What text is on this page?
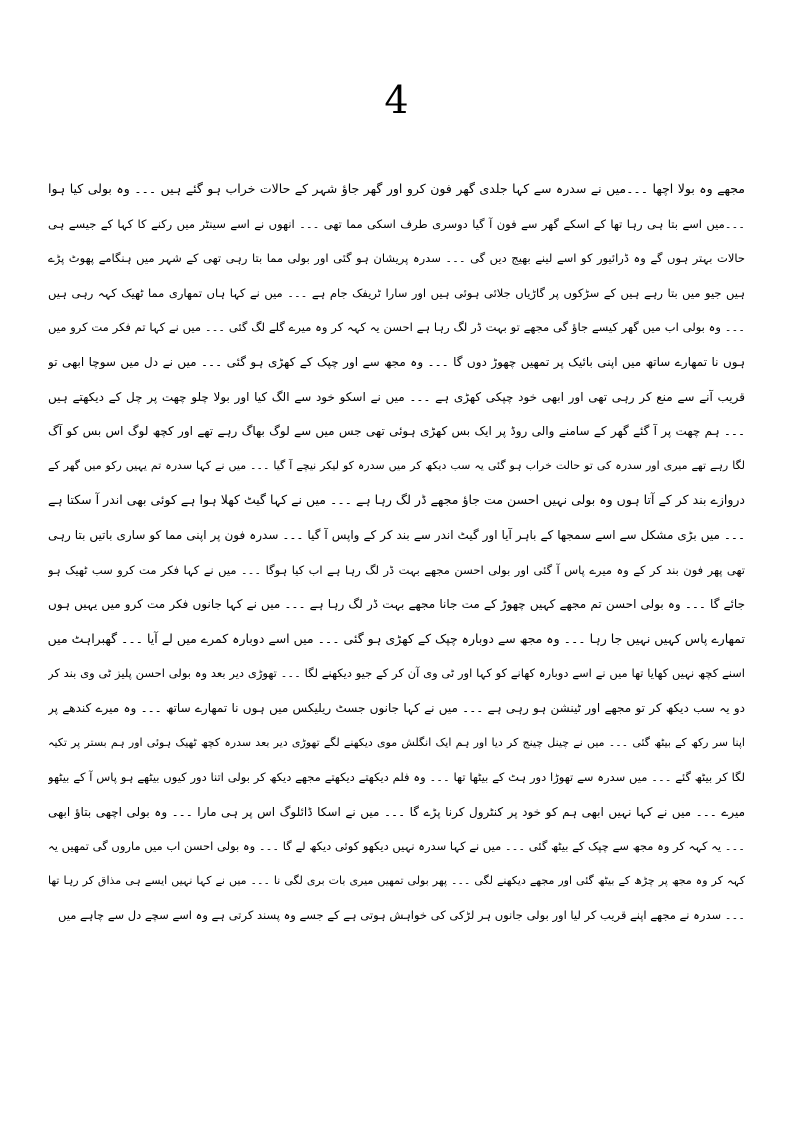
4
مجھے وہ بولا اچھا ۔۔۔میں نے سدرہ سے کہا جلدی گھر فون کرو اور گھر جاؤ شہر کے حالات خراب ہو گئے ہیں ۔۔۔ وہ بولی کیا ہوا
۔۔۔میں اسے بتا ہی رہا تھا کے اسکے گھر سے فون آ گیا دوسری طرف اسکی مما تھی ۔۔۔ انھوں نے اسے سینٹر میں رکنے کا کہا کے جیسے ہی
حالات بہتر ہوں گے وہ ڈرائیور کو اسے لینے بھیج دیں گی ۔۔۔ سدرہ پریشان ہو گئی اور بولی مما بتا رہی تھی کے شہر میں ہنگامے پھوٹ پڑے
ہیں جیو میں بتا رہے ہیں کے سڑکوں پر گاڑیاں جلائی ہوئی ہیں اور سارا ٹریفک جام ہے ۔۔۔ میں نے کہا ہاں تمھاری مما ٹھیک کہہ رہی ہیں
۔۔۔ وہ بولی اب میں گھر کیسے جاؤ گی مجھے تو بہت ڈر لگ رہا ہے احسن یہ کہہ کر وہ میرے گلے لگ گئی ۔۔۔ میں نے کہا تم فکر مت کرو میں
ہوں نا تمھارے ساتھ میں اپنی بائیک پر تمھیں چھوڑ دوں گا ۔۔۔ وہ مجھ سے اور چپک کے کھڑی ہو گئی ۔۔۔ میں نے دل میں سوچا ابھی تو
قریب آنے سے منع کر رہی تھی اور ابھی خود چپکی کھڑی ہے ۔۔۔ میں نے اسکو خود سے الگ کیا اور بولا چلو چھت پر چل کے دیکھتے ہیں
۔۔۔ ہم چھت پر آ گئے گھر کے سامنے والی روڈ پر ایک بس کھڑی ہوئی تھی جس میں سے لوگ بھاگ رہے تھے اور کچھ لوگ اس بس کو آگ
لگا رہے تھے میری اور سدرہ کی تو حالت خراب ہو گئی یہ سب دیکھ کر میں سدرہ کو لیکر نیچے آ گیا ۔۔۔ میں نے کہا سدرہ تم یہیں رکو میں گھر کے
دروازے بند کر کے آتا ہوں وہ بولی نہیں احسن مت جاؤ مجھے ڈر لگ رہا ہے ۔۔۔ میں نے کہا گیٹ کھلا ہوا ہے کوئی بھی اندر آ سکتا ہے
۔۔۔ میں بڑی مشکل سے اسے سمجھا کے باہر آیا اور گیٹ اندر سے بند کر کے واپس آ گیا ۔۔۔ سدرہ فون پر اپنی مما کو ساری باتیں بتا رہی
تھی پھر فون بند کر کے وہ میرے پاس آ گئی اور بولی احسن مجھے بہت ڈر لگ رہا ہے اب کیا ہوگا ۔۔۔ میں نے کہا فکر مت کرو سب ٹھیک ہو
جائے گا ۔۔۔ وہ بولی احسن تم مجھے کہیں چھوڑ کے مت جانا مجھے بہت ڈر لگ رہا ہے ۔۔۔ میں نے کہا جانوں فکر مت کرو میں یہیں ہوں
تمھارے پاس کہیں نہیں جا رہا ۔۔۔ وہ مجھ سے دوبارہ چپک کے کھڑی ہو گئی ۔۔۔ میں اسے دوبارہ کمرے میں لے آیا ۔۔۔ گھبراہٹ میں
اسنے کچھ نہیں کھایا تھا میں نے اسے دوبارہ کھانے کو کہا اور ٹی وی آن کر کے جیو دیکھنے لگا ۔۔۔ تھوڑی دیر بعد وہ بولی احسن پلیز ٹی وی بند کر
دو یہ سب دیکھ کر تو مجھے اور ٹینشن ہو رہی ہے ۔۔۔ میں نے کہا جانوں جسٹ ریلیکس میں ہوں نا تمھارے ساتھ ۔۔۔ وہ میرے کندھے پر
اپنا سر رکھ کے بیٹھ گئی ۔۔۔ میں نے چینل چینج کر دیا اور ہم ایک انگلش موی دیکھنے لگے تھوڑی دیر بعد سدرہ کچھ ٹھیک ہوئی اور ہم بستر پر تکیہ
لگا کر بیٹھ گئے ۔۔۔ میں سدرہ سے تھوڑا دور ہٹ کے بیٹھا تھا ۔۔۔ وہ فلم دیکھتے دیکھتے مجھے دیکھ کر بولی اتنا دور کیوں بیٹھے ہو پاس آ کے بیٹھو
میرے ۔۔۔ میں نے کہا نہیں ابھی ہم کو خود پر کنٹرول کرنا پڑے گا ۔۔۔ میں نے اسکا ڈائلوگ اس پر ہی مارا ۔۔۔ وہ بولی اچھی بتاؤ ابھی
۔۔۔ یہ کہہ کر وہ مجھ سے چپک کے بیٹھ گئی ۔۔۔ میں نے کہا سدرہ نہیں دیکھو کوئی دیکھ لے گا ۔۔۔ وہ بولی احسن اب میں ماروں گی تمھیں یہ
کہہ کر وہ مجھ پر چڑھ کے بیٹھ گئی اور مجھے دیکھنے لگی ۔۔۔ پھر بولی تمھیں میری بات بری لگی نا ۔۔۔ میں نے کہا نہیں ایسے ہی مذاق کر رہا تھا
۔۔۔ سدرہ نے مجھے اپنے قریب کر لیا اور بولی جانوں ہر لڑکی کی خواہش ہوتی ہے کے جسے وہ پسند کرتی ہے وہ اسے سچے دل سے چاہے میں
